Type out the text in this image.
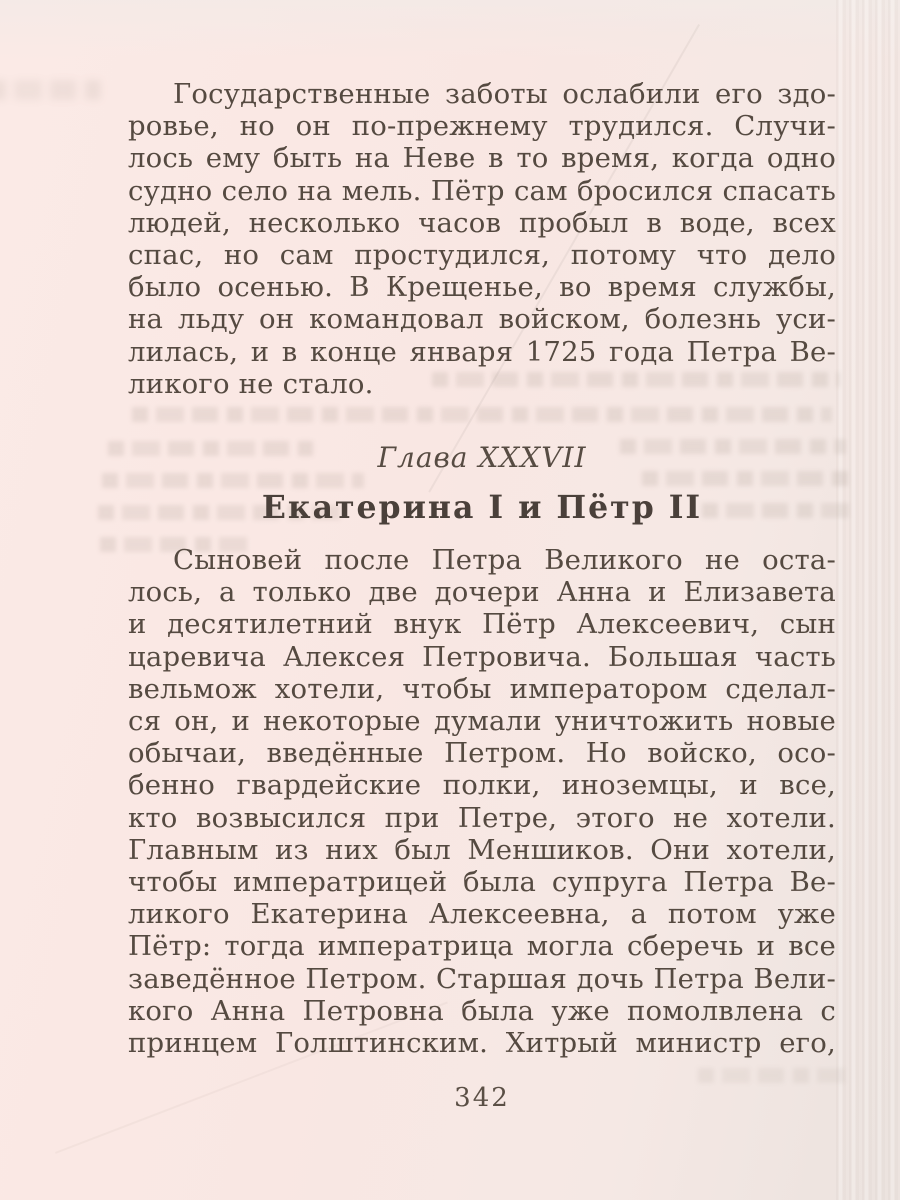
Государственные заботы ослабили его здо-
ровье, но он по-прежнему трудился. Случи-
лось ему быть на Неве в то время, когда одно
судно село на мель. Пётр сам бросился спасать
людей, несколько часов пробыл в воде, всех
спас, но сам простудился, потому что дело
было осенью. В Крещенье, во время службы,
на льду он командовал войском, болезнь уси-
лилась, и в конце января 1725 года Петра Ве-
ликого не стало.
Глава XXXVII
Екатерина I и Пётр II
Сыновей после Петра Великого не оста-
лось, а только две дочери Анна и Елизавета
и десятилетний внук Пётр Алексеевич, сын
царевича Алексея Петровича. Большая часть
вельмож хотели, чтобы императором сделал-
ся он, и некоторые думали уничтожить новые
обычаи, введённые Петром. Но войско, осо-
бенно гвардейские полки, иноземцы, и все,
кто возвысился при Петре, этого не хотели.
Главным из них был Меншиков. Они хотели,
чтобы императрицей была супруга Петра Ве-
ликого Екатерина Алексеевна, а потом уже
Пётр: тогда императрица могла сберечь и все
заведённое Петром. Старшая дочь Петра Вели-
кого Анна Петровна была уже помолвлена с
принцем Голштинским. Хитрый министр его,
342
